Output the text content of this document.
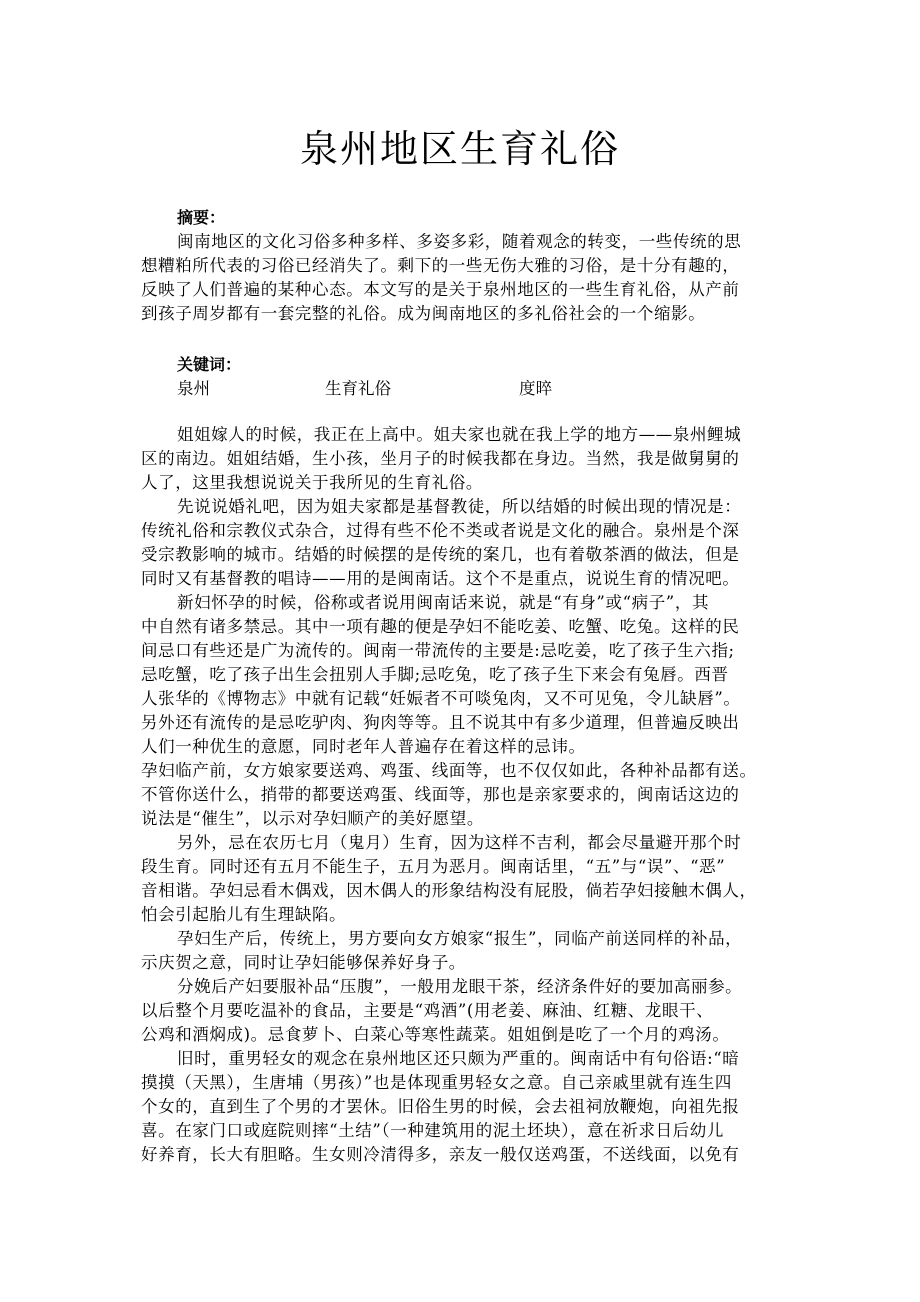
泉州地区生育礼俗
摘要：
闽南地区的文化习俗多种多样、多姿多彩，随着观念的转变，一些传统的思
想糟粕所代表的习俗已经消失了。剩下的一些无伤大雅的习俗，是十分有趣的，
反映了人们普遍的某种心态。本文写的是关于泉州地区的一些生育礼俗，从产前
到孩子周岁都有一套完整的礼俗。成为闽南地区的多礼俗社会的一个缩影。
关键词：
泉州	生育礼俗	度晬
姐姐嫁人的时候，我正在上高中。姐夫家也就在我上学的地方——泉州鲤城
区的南边。姐姐结婚，生小孩，坐月子的时候我都在身边。当然，我是做舅舅的
人了，这里我想说说关于我所见的生育礼俗。
先说说婚礼吧，因为姐夫家都是基督教徒，所以结婚的时候出现的情况是：
传统礼俗和宗教仪式杂合，过得有些不伦不类或者说是文化的融合。泉州是个深
受宗教影响的城市。结婚的时候摆的是传统的案几，也有着敬茶酒的做法，但是
同时又有基督教的唱诗——用的是闽南话。这个不是重点，说说生育的情况吧。
新妇怀孕的时候，俗称或者说用闽南话来说，就是“有身”或“病子”，其
中自然有诸多禁忌。其中一项有趣的便是孕妇不能吃姜、吃蟹、吃兔。这样的民
间忌口有些还是广为流传的。闽南一带流传的主要是:忌吃姜，吃了孩子生六指;
忌吃蟹，吃了孩子出生会扭别人手脚;忌吃兔，吃了孩子生下来会有兔唇。西晋
人张华的《博物志》中就有记载“妊娠者不可啖兔肉，又不可见兔，令儿缺唇”。
另外还有流传的是忌吃驴肉、狗肉等等。且不说其中有多少道理，但普遍反映出
人们一种优生的意愿，同时老年人普遍存在着这样的忌讳。
孕妇临产前，女方娘家要送鸡、鸡蛋、线面等，也不仅仅如此，各种补品都有送。
不管你送什么，捎带的都要送鸡蛋、线面等，那也是亲家要求的，闽南话这边的
说法是“催生”，以示对孕妇顺产的美好愿望。
另外，忌在农历七月（鬼月）生育，因为这样不吉利，都会尽量避开那个时
段生育。同时还有五月不能生子，五月为恶月。闽南话里，“五”与“误”、“恶”
音相谐。孕妇忌看木偶戏，因木偶人的形象结构没有屁股，倘若孕妇接触木偶人，
怕会引起胎儿有生理缺陷。
孕妇生产后，传统上，男方要向女方娘家“报生”，同临产前送同样的补品，
示庆贺之意，同时让孕妇能够保养好身子。
分娩后产妇要服补品“压腹”，一般用龙眼干茶，经济条件好的要加高丽参。
以后整个月要吃温补的食品，主要是“鸡酒”(用老姜、麻油、红糖、龙眼干、
公鸡和酒焖成)。忌食萝卜、白菜心等寒性蔬菜。姐姐倒是吃了一个月的鸡汤。
旧时，重男轻女的观念在泉州地区还只颇为严重的。闽南话中有句俗语:“暗
摸摸（天黑），生唐埔（男孩）”也是体现重男轻女之意。自己亲戚里就有连生四
个女的，直到生了个男的才罢休。旧俗生男的时候，会去祖祠放鞭炮，向祖先报
喜。在家门口或庭院则摔“土结”（一种建筑用的泥土坯块），意在祈求日后幼儿
好养育，长大有胆略。生女则冷清得多，亲友一般仅送鸡蛋，不送线面，以免有
